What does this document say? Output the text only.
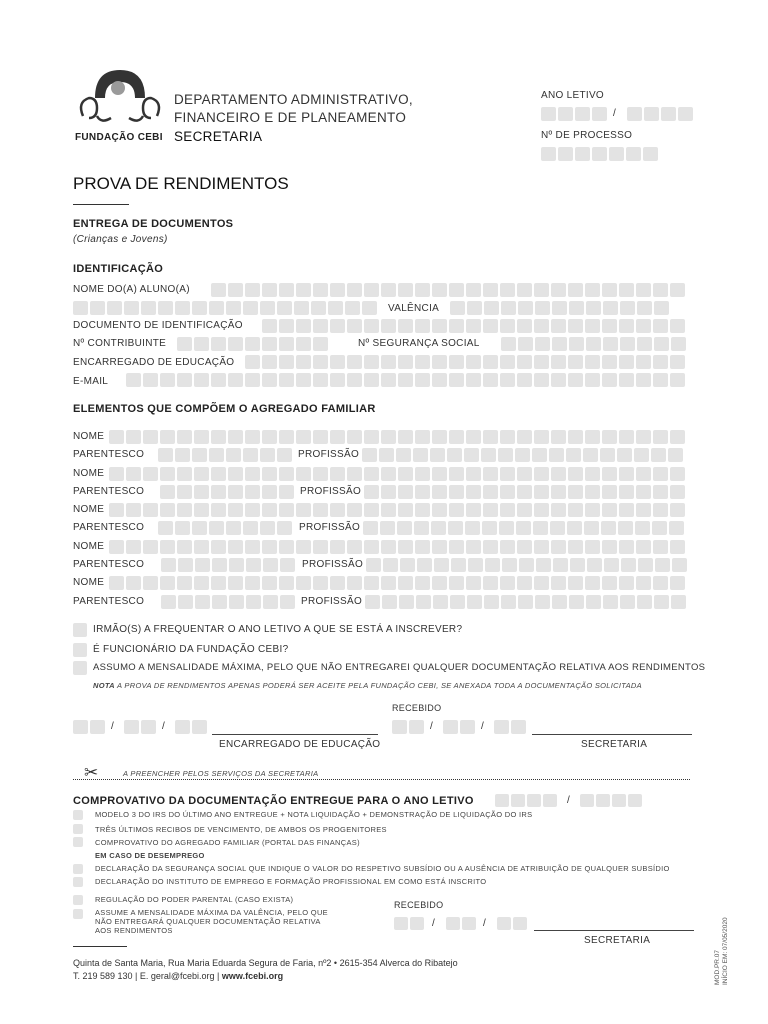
FUNDAÇÃO CEBI
DEPARTAMENTO ADMINISTRATIVO,
FINANCEIRO E DE PLANEAMENTO
SECRETARIA
ANO LETIVO
/
Nº DE PROCESSO
PROVA DE RENDIMENTOS
ENTREGA DE DOCUMENTOS
(Crianças e Jovens)
IDENTIFICAÇÃO
NOME DO(A) ALUNO(A)
VALÊNCIA
DOCUMENTO DE IDENTIFICAÇÃO
Nº CONTRIBUINTE	Nº SEGURANÇA SOCIAL
ENCARREGADO DE EDUCAÇÃO
E-MAIL
ELEMENTOS QUE COMPÕEM O AGREGADO FAMILIAR
NOME
PARENTESCO	PROFISSÃO
NOME
PARENTESCO	PROFISSÃO
NOME
PARENTESCO	PROFISSÃO
NOME
PARENTESCO	PROFISSÃO
NOME
PARENTESCO	PROFISSÃO
IRMÃO(S) A FREQUENTAR O ANO LETIVO A QUE SE ESTÁ A INSCREVER?
É FUNCIONÁRIO DA FUNDAÇÃO CEBI?
ASSUMO A MENSALIDADE MÁXIMA, PELO QUE NÃO ENTREGAREI QUALQUER DOCUMENTAÇÃO RELATIVA AOS RENDIMENTOS
NOTA A PROVA DE RENDIMENTOS APENAS PODERÁ SER ACEITE PELA FUNDAÇÃO CEBI, SE ANEXADA TODA A DOCUMENTAÇÃO SOLICITADA
RECEBIDO
/	/
ENCARREGADO DE EDUCAÇÃO
/	/
SECRETARIA
✂	A PREENCHER PELOS SERVIÇOS DA SECRETARIA
COMPROVATIVO DA DOCUMENTAÇÃO ENTREGUE PARA O ANO LETIVO	/
MODELO 3 DO IRS DO ÚLTIMO ANO ENTREGUE + NOTA LIQUIDAÇÃO + DEMONSTRAÇÃO DE LIQUIDAÇÃO DO IRS
TRÊS ÚLTIMOS RECIBOS DE VENCIMENTO, DE AMBOS OS PROGENITORES
COMPROVATIVO DO AGREGADO FAMILIAR (PORTAL DAS FINANÇAS)
EM CASO DE DESEMPREGO
DECLARAÇÃO DA SEGURANÇA SOCIAL QUE INDIQUE O VALOR DO RESPETIVO SUBSÍDIO OU A AUSÊNCIA DE ATRIBUIÇÃO DE QUALQUER SUBSÍDIO
DECLARAÇÃO DO INSTITUTO DE EMPREGO E FORMAÇÃO PROFISSIONAL EM COMO ESTÁ INSCRITO
REGULAÇÃO DO PODER PARENTAL (CASO EXISTA)
ASSUME A MENSALIDADE MÁXIMA DA VALÊNCIA, PELO QUE
NÃO ENTREGARÁ QUALQUER DOCUMENTAÇÃO RELATIVA
AOS RENDIMENTOS
RECEBIDO
/	/
SECRETARIA
Quinta de Santa Maria, Rua Maria Eduarda Segura de Faria, nº2 • 2615-354 Alverca do Ribatejo
T. 219 589 130 | E. geral@fcebi.org | www.fcebi.org	MOD.PR.07 INÍCIO EM: 07/05/2020
